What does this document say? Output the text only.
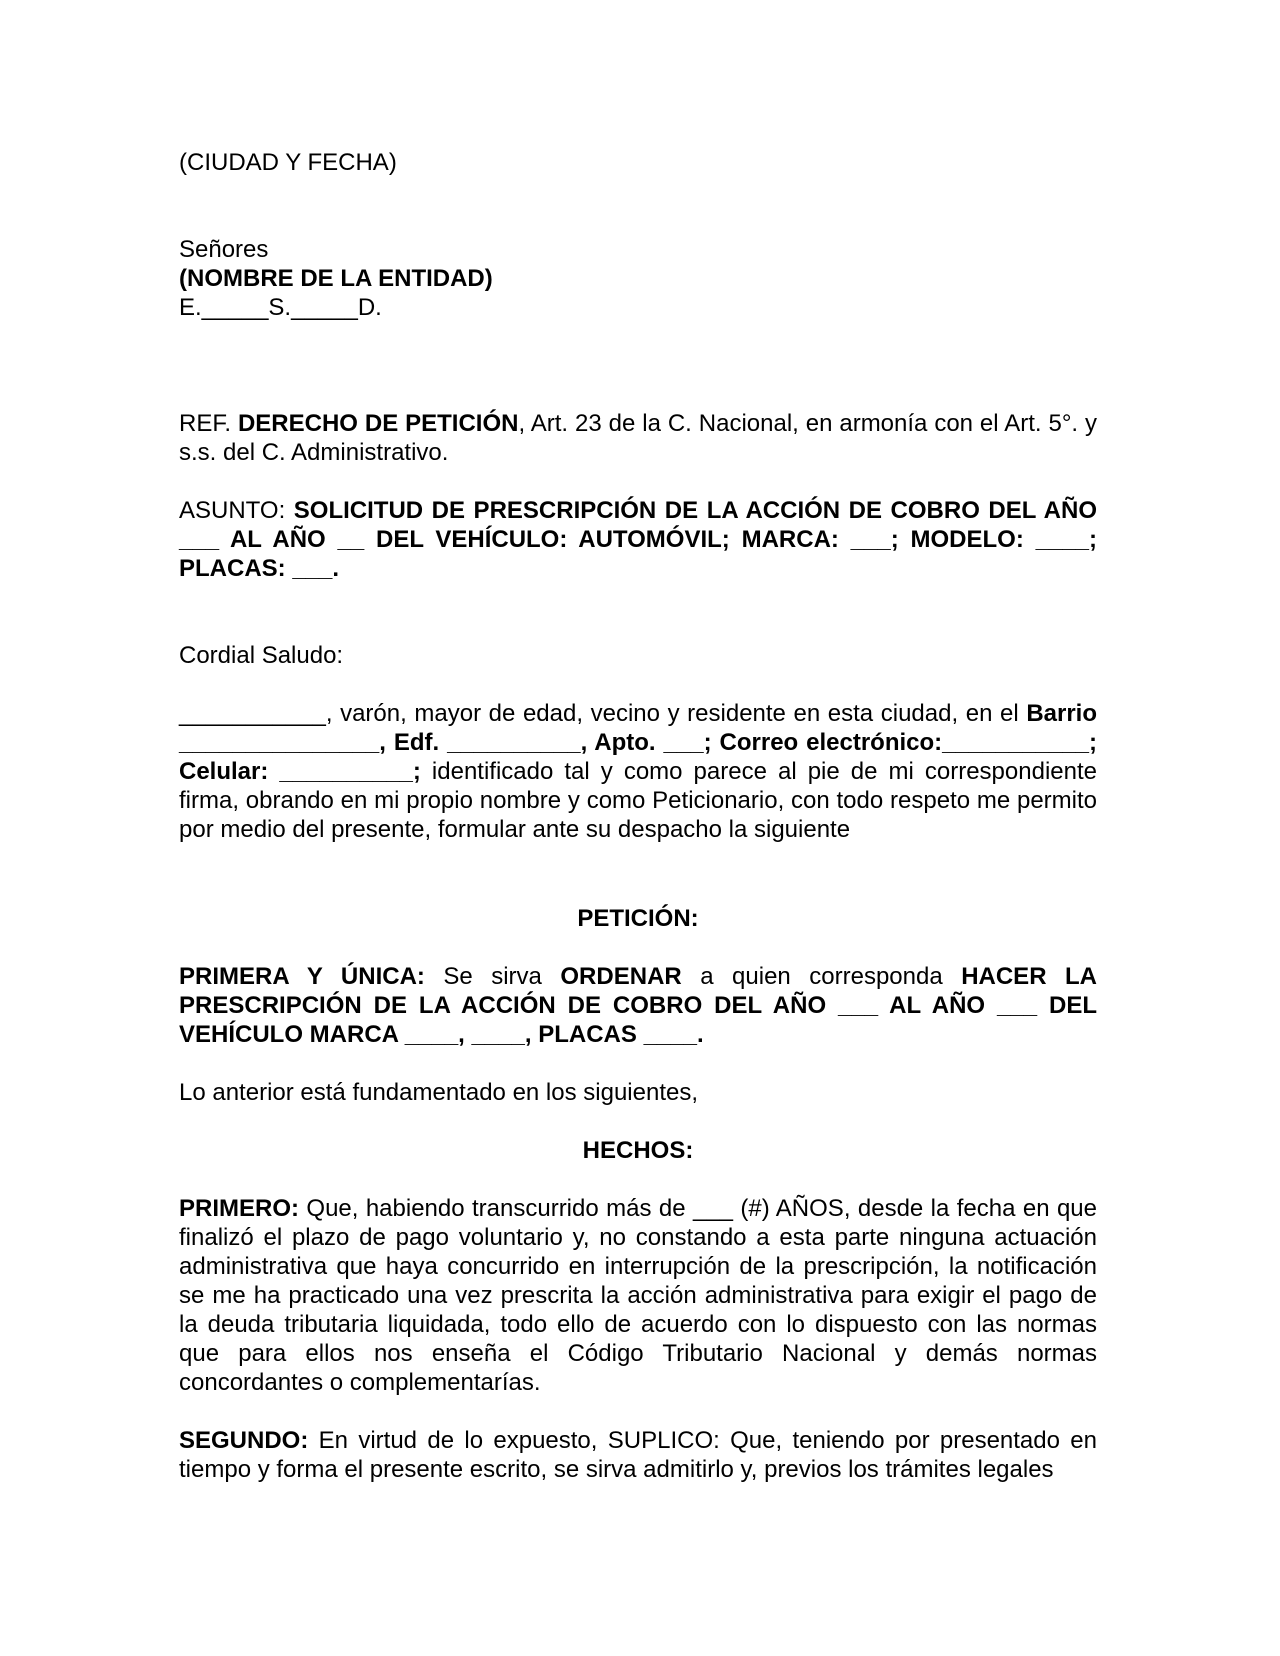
(CIUDAD Y FECHA)

Señores

(NOMBRE DE LA ENTIDAD)

E._____S._____D.

REF. DERECHO DE PETICIÓN, Art. 23 de la C. Nacional, en armonía con el Art. 5°. y s.s. del C. Administrativo.

ASUNTO: SOLICITUD DE PRESCRIPCIÓN DE LA ACCIÓN DE COBRO DEL AÑO ___ AL AÑO __ DEL VEHÍCULO: AUTOMÓVIL; MARCA: ___; MODELO: ____; PLACAS: ___.

Cordial Saludo:

___________, varón, mayor de edad, vecino y residente en esta ciudad, en el Barrio _______________, Edf. __________, Apto. ___; Correo electrónico:___________; Celular: __________; identificado tal y como parece al pie de mi correspondiente firma, obrando en mi propio nombre y como Peticionario, con todo respeto me permito por medio del presente, formular ante su despacho la siguiente

PETICIÓN:

PRIMERA Y ÚNICA: Se sirva ORDENAR a quien corresponda HACER LA PRESCRIPCIÓN DE LA ACCIÓN DE COBRO DEL AÑO ___ AL AÑO ___ DEL VEHÍCULO MARCA ____, ____, PLACAS ____.

Lo anterior está fundamentado en los siguientes,

HECHOS:

PRIMERO: Que, habiendo transcurrido más de ___ (#) AÑOS, desde la fecha en que finalizó el plazo de pago voluntario y, no constando a esta parte ninguna actuación administrativa que haya concurrido en interrupción de la prescripción, la notificación se me ha practicado una vez prescrita la acción administrativa para exigir el pago de la deuda tributaria liquidada, todo ello de acuerdo con lo dispuesto con las normas que para ellos nos enseña el Código Tributario Nacional y demás normas concordantes o complementarías.

SEGUNDO: En virtud de lo expuesto, SUPLICO: Que, teniendo por presentado en tiempo y forma el presente escrito, se sirva admitirlo y, previos los trámites legales
